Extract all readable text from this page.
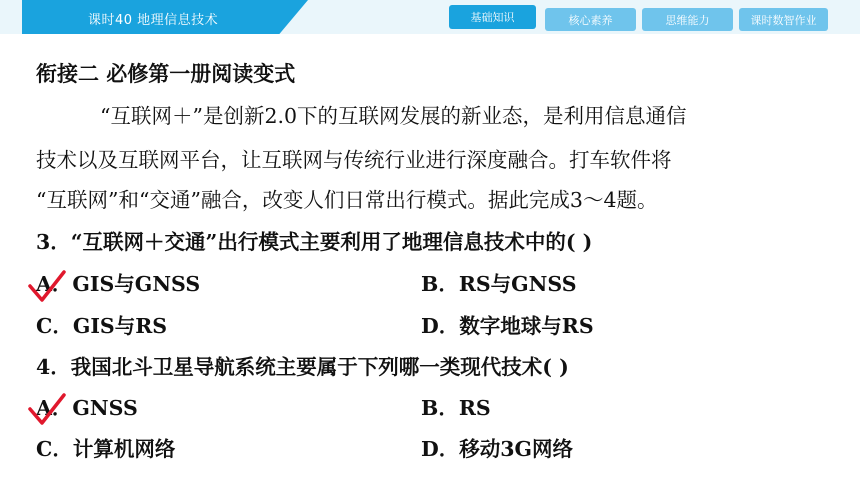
课时40 地理信息技术	基础知识	核心素养	思维能力	课时数智作业
衔接二 必修第一册阅读变式
“互联网＋”是创新2.0下的互联网发展的新业态，是利用信息通信
技术以及互联网平台，让互联网与传统行业进行深度融合。打车软件将
“互联网”和“交通”融合，改变人们日常出行模式。据此完成3～4题。
3．“互联网＋交通”出行模式主要利用了地理信息技术中的( )
A．GIS与GNSS	B．RS与GNSS
C．GIS与RS	D．数字地球与RS
4．我国北斗卫星导航系统主要属于下列哪一类现代技术( )
A．GNSS	B．RS
C．计算机网络	D．移动3G网络
